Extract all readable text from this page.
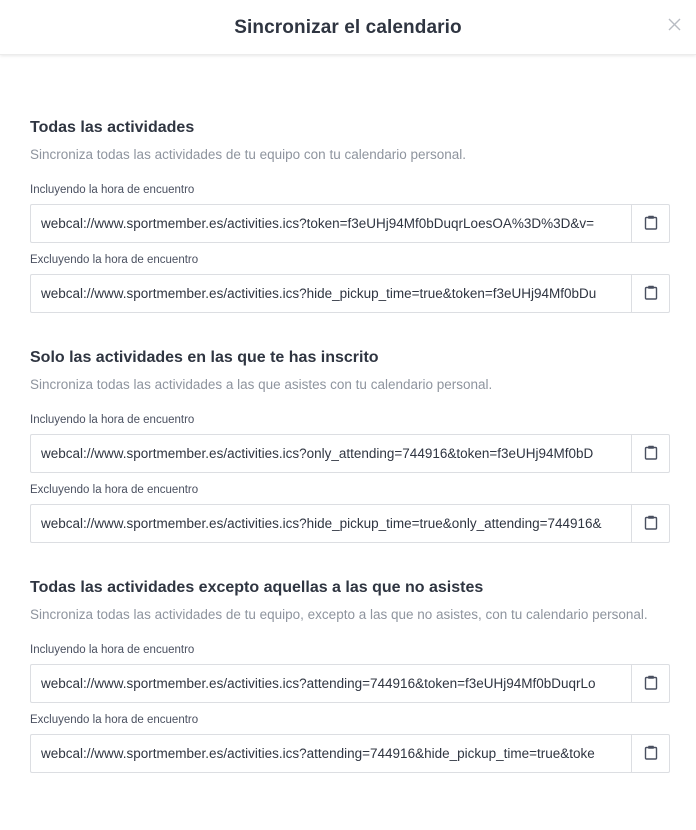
Sincronizar el calendario
Todas las actividades

Sincroniza todas las actividades de tu equipo con tu calendario personal.

Incluyendo la hora de encuentro
webcal://www.sportmember.es/activities.ics?token=f3eUHj94Mf0bDuqrLoesOA%3D%3D&v=
Excluyendo la hora de encuentro
webcal://www.sportmember.es/activities.ics?hide_pickup_time=true&token=f3eUHj94Mf0bDu
Solo las actividades en las que te has inscrito

Sincroniza todas las actividades a las que asistes con tu calendario personal.

Incluyendo la hora de encuentro
webcal://www.sportmember.es/activities.ics?only_attending=744916&token=f3eUHj94Mf0bD
Excluyendo la hora de encuentro
webcal://www.sportmember.es/activities.ics?hide_pickup_time=true&only_attending=744916&
Todas las actividades excepto aquellas a las que no asistes

Sincroniza todas las actividades de tu equipo, excepto a las que no asistes, con tu calendario personal.

Incluyendo la hora de encuentro
webcal://www.sportmember.es/activities.ics?attending=744916&token=f3eUHj94Mf0bDuqrLo
Excluyendo la hora de encuentro
webcal://www.sportmember.es/activities.ics?attending=744916&hide_pickup_time=true&toke
